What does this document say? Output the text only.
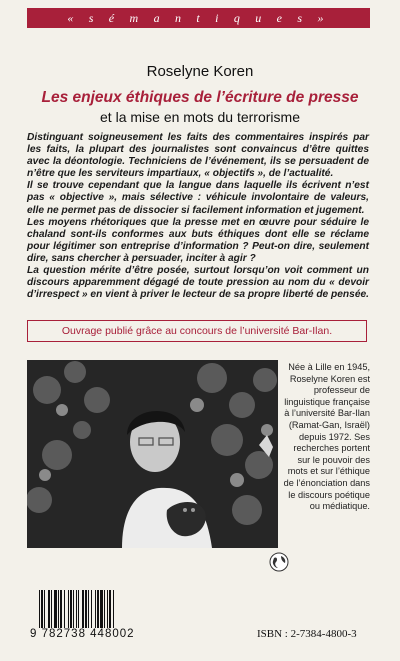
« s é m a n t i q u e s »
Roselyne Koren
Les enjeux éthiques de l’écriture de presse
et la mise en mots du terrorisme

Distinguant soigneusement les faits des commentaires inspirés par les faits, la plupart des journalistes sont convaincus d’être quittes avec la déontologie. Techniciens de l’événement, ils se persuadent de n’être que les serviteurs impartiaux, « objectifs », de l’actualité.

Il se trouve cependant que la langue dans laquelle ils écrivent n’est pas « objective », mais sélective : véhicule involontaire de valeurs, elle ne permet pas de dissocier si facilement information et jugement.

Les moyens rhétoriques que la presse met en œuvre pour séduire le chaland sont-ils conformes aux buts éthiques dont elle se réclame pour légitimer son entreprise d’information ? Peut-on dire, seulement dire, sans chercher à persuader, inciter à agir ?

La question mérite d’être posée, surtout lorsqu’on voit comment un discours apparemment dégagé de toute pression au nom du « devoir d’irrespect » en vient à priver le lecteur de sa propre liberté de pensée.

Ouvrage publié grâce au concours de l’université Bar-Ilan.

Née à Lille en 1945, Roselyne Koren est professeur de linguistique française à l’université Bar-Ilan (Ramat-Gan, Israël) depuis 1972. Ses recherches portent sur le pouvoir des mots et sur l’éthique de l’énonciation dans le discours poétique ou médiatique.

9 782738 448002	ISBN : 2-7384-4800-3
